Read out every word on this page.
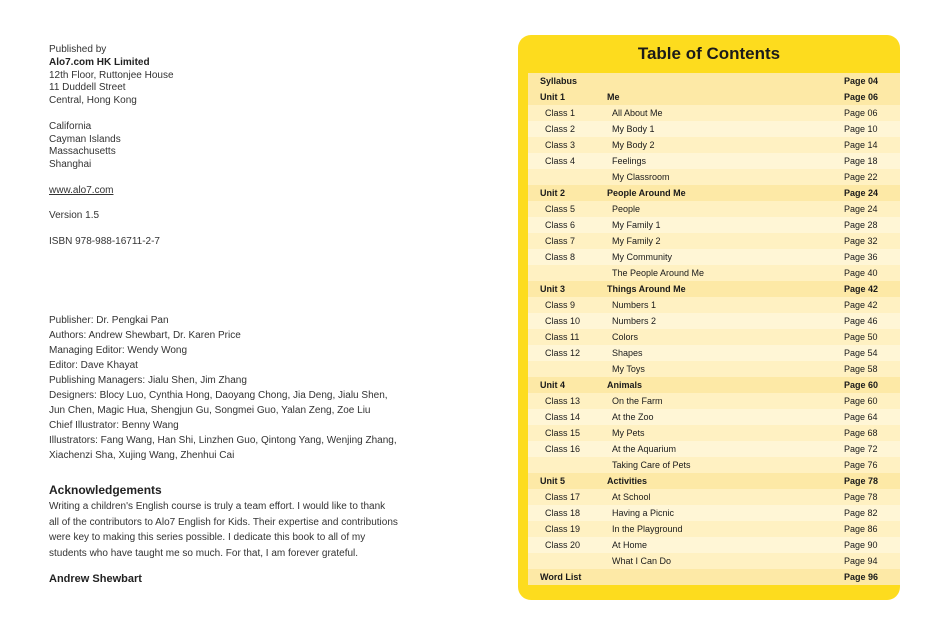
Published by
Alo7.com HK Limited
12th Floor, Ruttonjee House
11 Duddell Street
Central, Hong Kong
California
Cayman Islands
Massachusetts
Shanghai
www.alo7.com
Version 1.5
ISBN 978-988-16711-2-7
Publisher: Dr. Pengkai Pan
Authors: Andrew Shewbart, Dr. Karen Price
Managing Editor: Wendy Wong
Editor: Dave Khayat
Publishing Managers: Jialu Shen, Jim Zhang
Designers: Blocy Luo, Cynthia Hong, Daoyang Chong, Jia Deng, Jialu Shen,
Jun Chen, Magic Hua, Shengjun Gu, Songmei Guo, Yalan Zeng, Zoe Liu
Chief Illustrator: Benny Wang
Illustrators: Fang Wang, Han Shi, Linzhen Guo, Qintong Yang, Wenjing Zhang,
Xiachenzi Sha, Xujing Wang, Zhenhui Cai
Acknowledgements
Writing a children's English course is truly a team effort. I would like to thank
all of the contributors to Alo7 English for Kids. Their expertise and contributions
were key to making this series possible. I dedicate this book to all of my
students who have taught me so much. For that, I am forever grateful.
Andrew Shewbart
Table of Contents
Syllabus	Page 04
Unit 1	Me	Page 06
Class 1	All About Me	Page 06
Class 2	My Body 1	Page 10
Class 3	My Body 2	Page 14
Class 4	Feelings	Page 18
My Classroom	Page 22
Unit 2	People Around Me	Page 24
Class 5	People	Page 24
Class 6	My Family 1	Page 28
Class 7	My Family 2	Page 32
Class 8	My Community	Page 36
The People Around Me	Page 40
Unit 3	Things Around Me	Page 42
Class 9	Numbers 1	Page 42
Class 10	Numbers 2	Page 46
Class 11	Colors	Page 50
Class 12	Shapes	Page 54
My Toys	Page 58
Unit 4	Animals	Page 60
Class 13	On the Farm	Page 60
Class 14	At the Zoo	Page 64
Class 15	My Pets	Page 68
Class 16	At the Aquarium	Page 72
Taking Care of Pets	Page 76
Unit 5	Activities	Page 78
Class 17	At School	Page 78
Class 18	Having a Picnic	Page 82
Class 19	In the Playground	Page 86
Class 20	At Home	Page 90
What I Can Do	Page 94
Word List	Page 96
